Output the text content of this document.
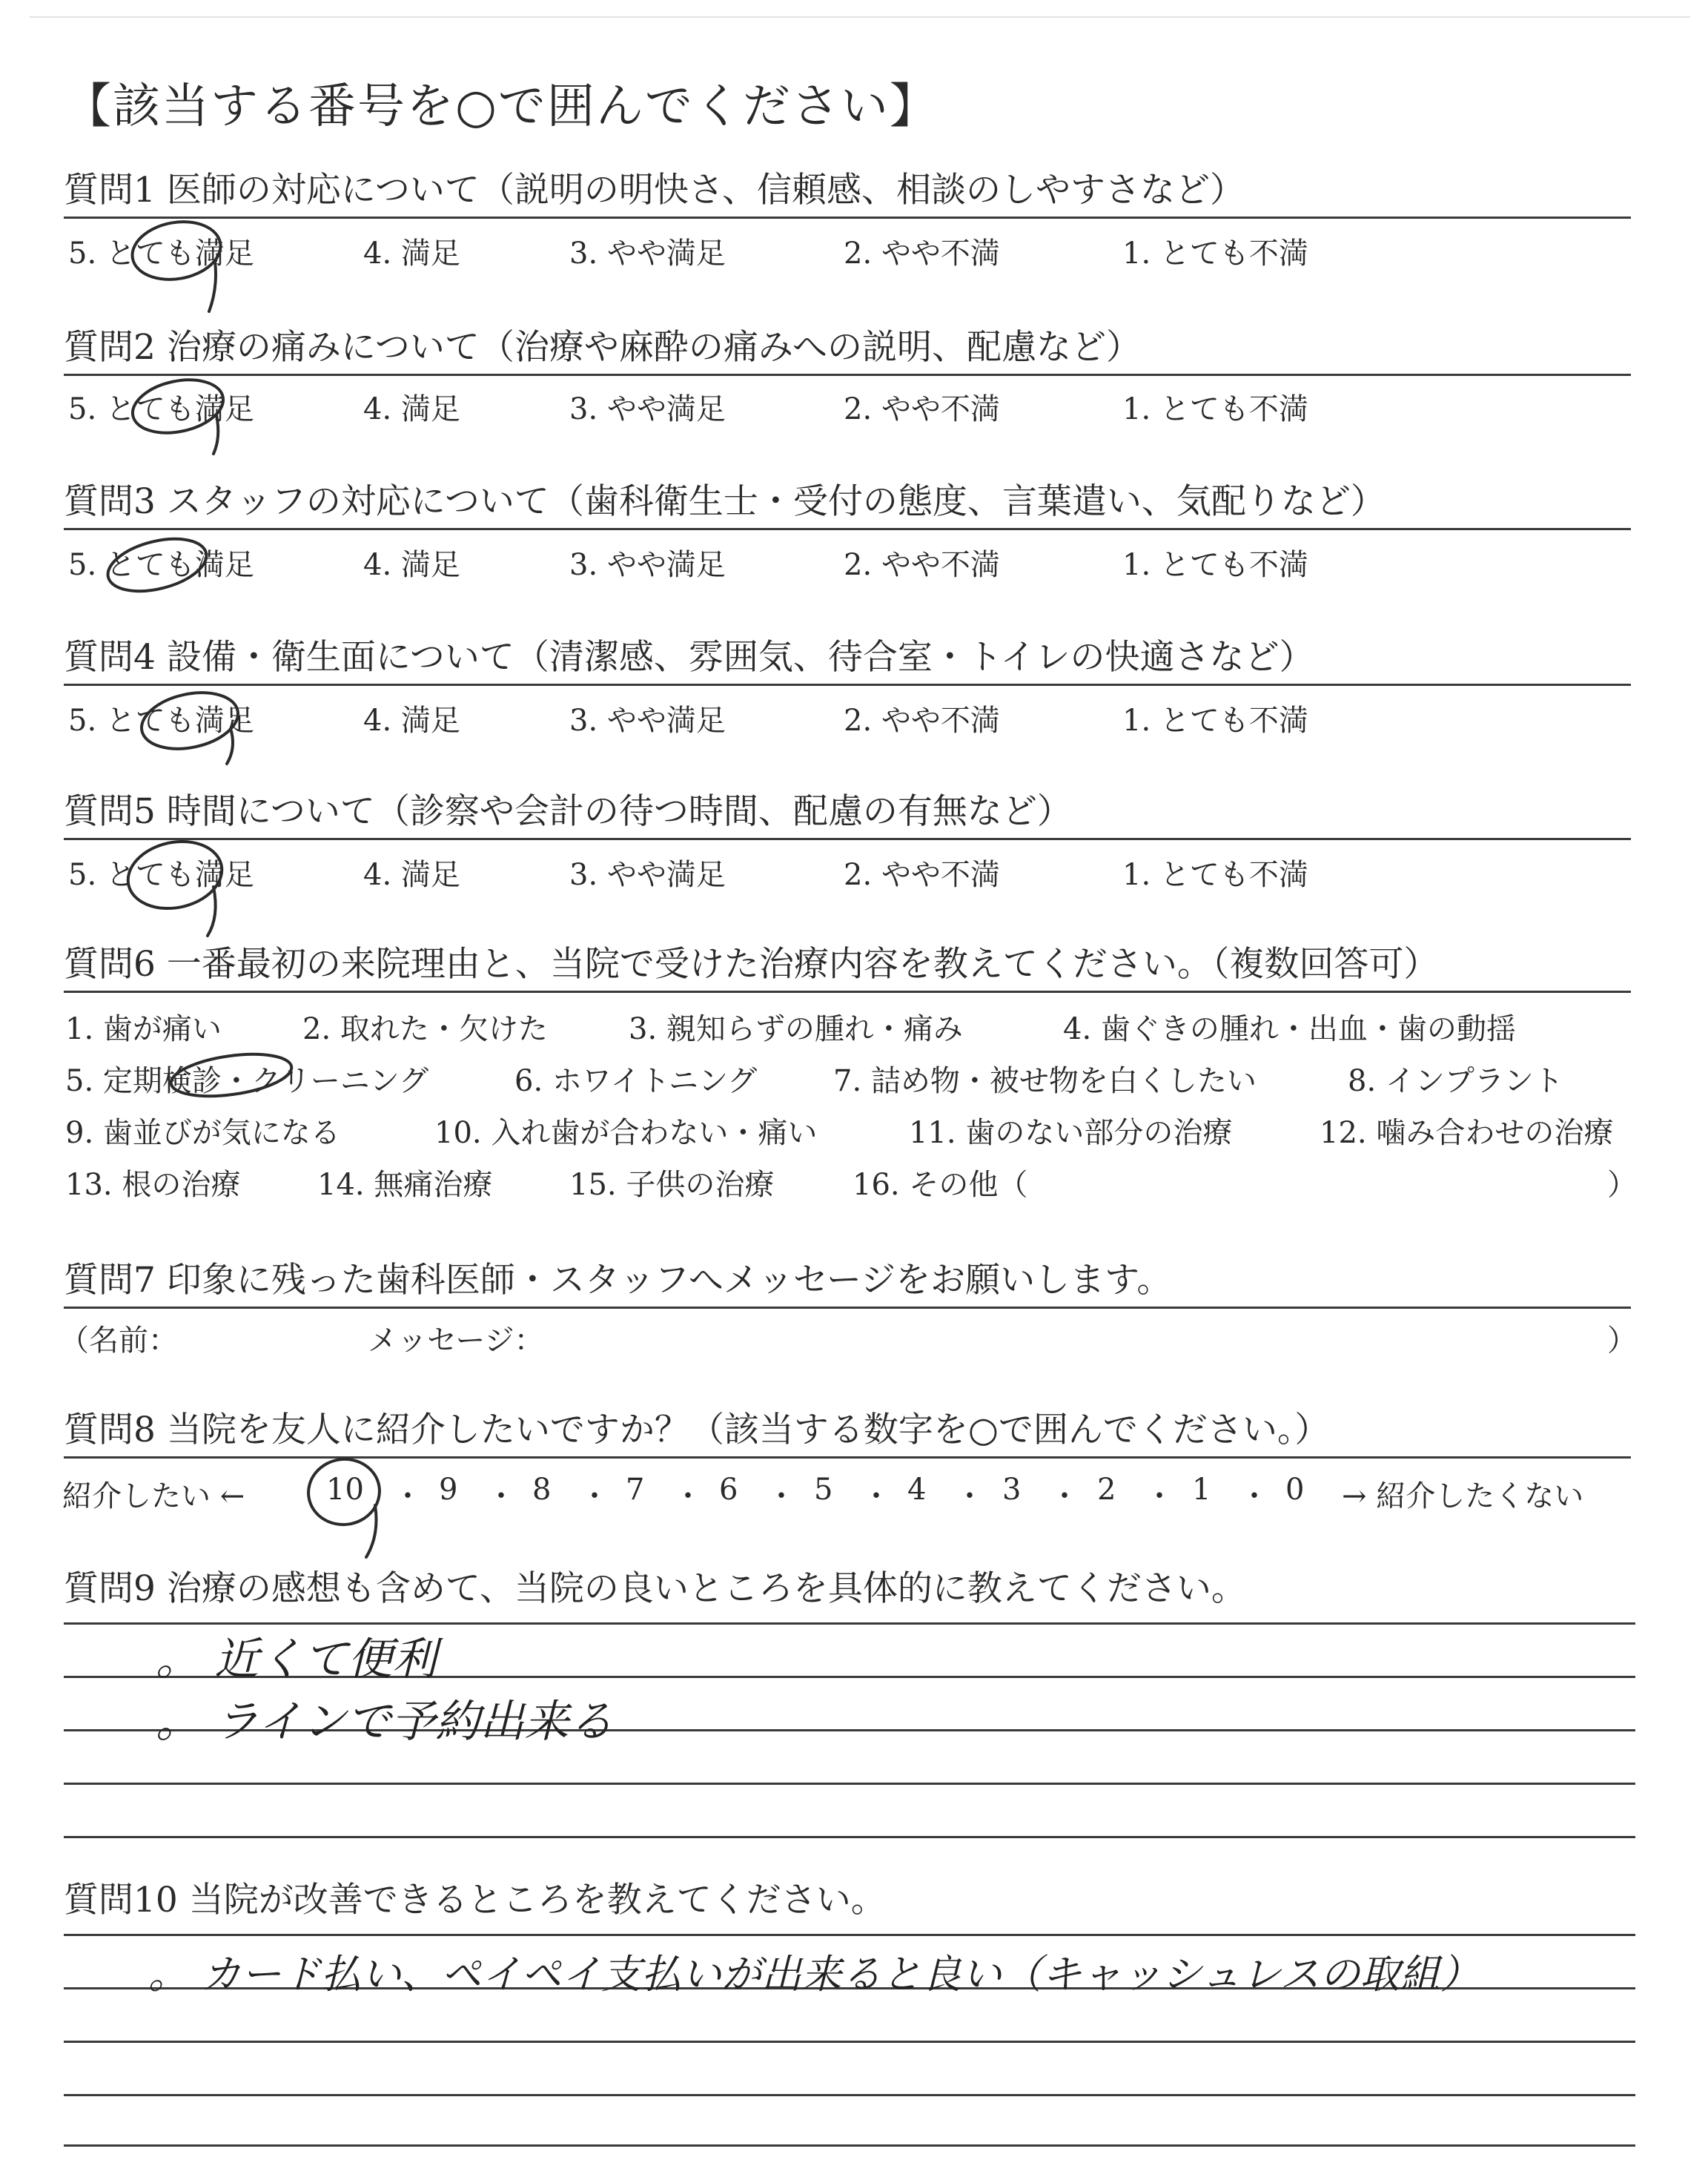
【該当する番号を○で囲んでください】
質問1 医師の対応について（説明の明快さ、信頼感、相談のしやすさなど）
5. とても満足	4. 満足	3. やや満足	2. やや不満	1. とても不満
質問2 治療の痛みについて（治療や麻酔の痛みへの説明、配慮など）
5. とても満足	4. 満足	3. やや満足	2. やや不満	1. とても不満
質問3 スタッフの対応について（歯科衛生士・受付の態度、言葉遣い、気配りなど）
5. とても満足	4. 満足	3. やや満足	2. やや不満	1. とても不満
質問4 設備・衛生面について（清潔感、雰囲気、待合室・トイレの快適さなど）
5. とても満足	4. 満足	3. やや満足	2. やや不満	1. とても不満
質問5 時間について（診察や会計の待つ時間、配慮の有無など）
5. とても満足	4. 満足	3. やや満足	2. やや不満	1. とても不満
質問6 一番最初の来院理由と、当院で受けた治療内容を教えてください。（複数回答可）
1. 歯が痛い	2. 取れた・欠けた	3. 親知らずの腫れ・痛み	4. 歯ぐきの腫れ・出血・歯の動揺
5. 定期検診・クリーニング	6. ホワイトニング	7. 詰め物・被せ物を白くしたい	8. インプラント
9. 歯並びが気になる	10. 入れ歯が合わない・痛い	11. 歯のない部分の治療	12. 噛み合わせの治療
13. 根の治療	14. 無痛治療	15. 子供の治療	16. その他（	）
質問7 印象に残った歯科医師・スタッフへメッセージをお願いします。
（名前：	メッセージ：	）
質問8 当院を友人に紹介したいですか？（該当する数字を○で囲んでください。）
紹介したい ←	10 ・ 9 ・ 8 ・ 7 ・ 6 ・ 5 ・ 4 ・ 3 ・ 2 ・ 1 ・ 0 → 紹介したくない
質問9 治療の感想も含めて、当院の良いところを具体的に教えてください。
。 近くて便利
。 ラインで予約出来る
質問10 当院が改善できるところを教えてください。
。 カード払い、ペイペイ支払いが出来ると良い（キャッシュレスの取組）
